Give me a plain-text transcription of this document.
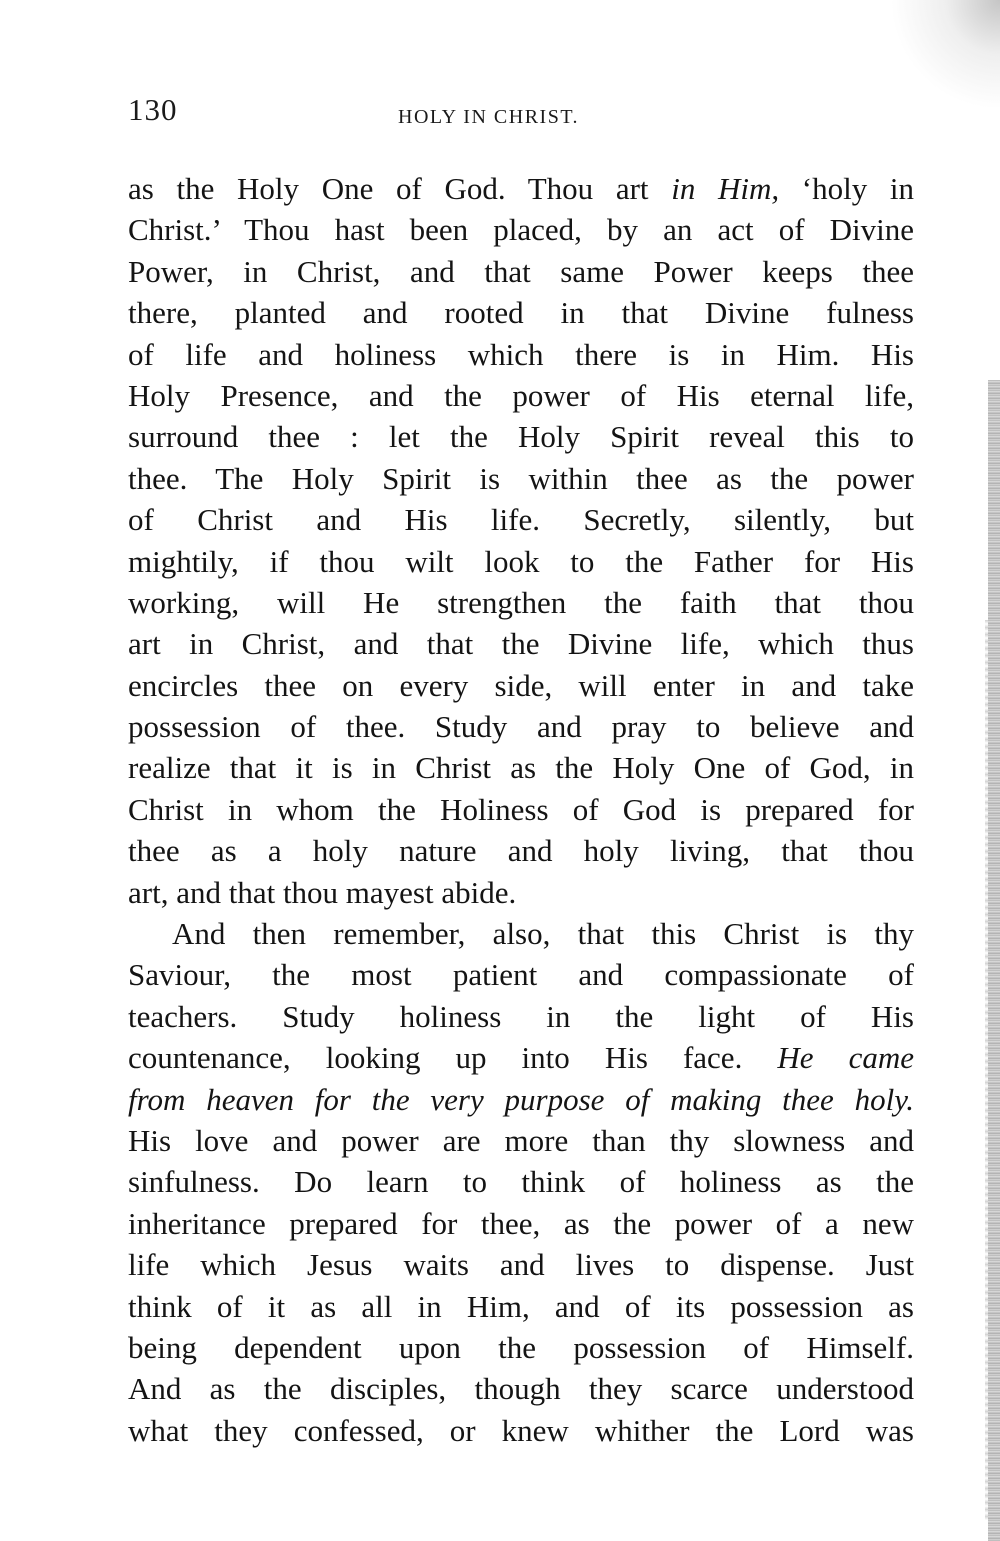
130	HOLY IN CHRIST.
as the Holy One of God. Thou art in Him, ‘holy in
Christ.’ Thou hast been placed, by an act of Divine
Power, in Christ, and that same Power keeps thee
there, planted and rooted in that Divine fulness
of life and holiness which there is in Him. His
Holy Presence, and the power of His eternal life,
surround thee : let the Holy Spirit reveal this to
thee. The Holy Spirit is within thee as the power
of Christ and His life. Secretly, silently, but
mightily, if thou wilt look to the Father for His
working, will He strengthen the faith that thou
art in Christ, and that the Divine life, which thus
encircles thee on every side, will enter in and take
possession of thee. Study and pray to believe and
realize that it is in Christ as the Holy One of God, in
Christ in whom the Holiness of God is prepared for
thee as a holy nature and holy living, that thou
art, and that thou mayest abide.
And then remember, also, that this Christ is thy
Saviour, the most patient and compassionate of
teachers. Study holiness in the light of His
countenance, looking up into His face. He came
from heaven for the very purpose of making thee holy.
His love and power are more than thy slowness and
sinfulness. Do learn to think of holiness as the
inheritance prepared for thee, as the power of a new
life which Jesus waits and lives to dispense. Just
think of it as all in Him, and of its possession as
being dependent upon the possession of Himself.
And as the disciples, though they scarce understood
what they confessed, or knew whither the Lord was
